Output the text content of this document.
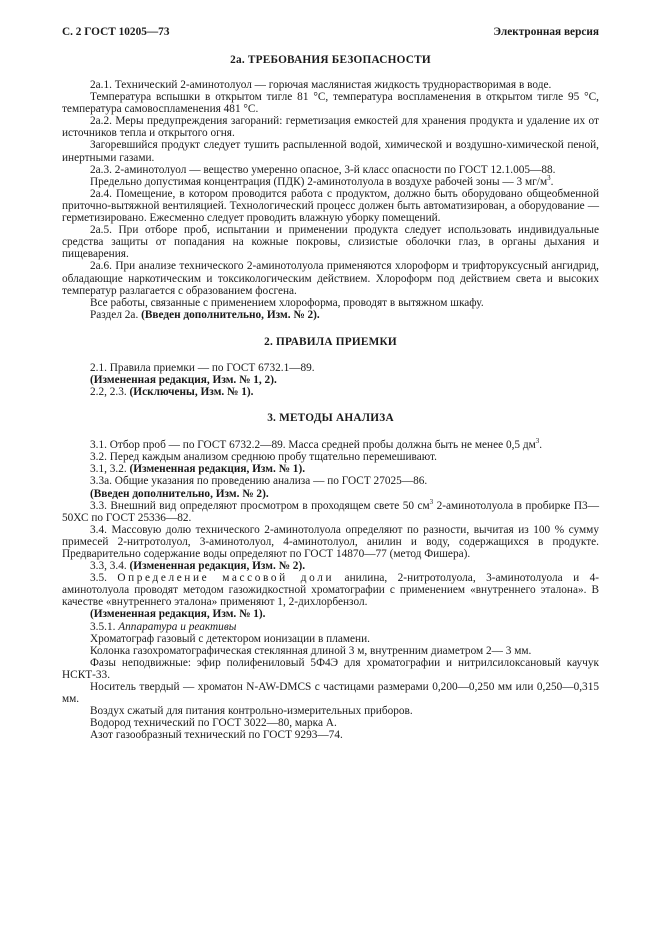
С. 2 ГОСТ 10205—73	Электронная версия
2а. ТРЕБОВАНИЯ БЕЗОПАСНОСТИ

2а.1. Технический 2-аминотолуол — горючая маслянистая жидкость труднорастворимая в воде.

Температура вспышки в открытом тигле 81 °С, температура воспламенения в открытом тигле 95 °С, температура самовоспламенения 481 °С.

2а.2. Меры предупреждения загораний: герметизация емкостей для хранения продукта и удаление их от источников тепла и открытого огня.

Загоревшийся продукт следует тушить распыленной водой, химической и воздушно-химической пеной, инертными газами.

2а.3. 2-аминотолуол — вещество умеренно опасное, 3-й класс опасности по ГОСТ 12.1.005—88.

Предельно допустимая концентрация (ПДК) 2-аминотолуола в воздухе рабочей зоны — 3 $мг/м^3$.

2а.4. Помещение, в котором проводится работа с продуктом, должно быть оборудовано общеобменной приточно-вытяжной вентиляцией. Технологический процесс должен быть автоматизирован, а оборудование — герметизировано. Ежесменно следует проводить влажную уборку помещений.

2а.5. При отборе проб, испытании и применении продукта следует использовать индивидуальные средства защиты от попадания на кожные покровы, слизистые оболочки глаз, в органы дыхания и пищеварения.

2а.6. При анализе технического 2-аминотолуола применяются хлороформ и трифторуксусный ангидрид, обладающие наркотическим и токсикологическим действием. Хлороформ под действием света и высоких температур разлагается с образованием фосгена.

Все работы, связанные с применением хлороформа, проводят в вытяжном шкафу.

Раздел 2а. (Введен дополнительно, Изм. № 2).

2. ПРАВИЛА ПРИЕМКИ

2.1. Правила приемки — по ГОСТ 6732.1—89.

(Измененная редакция, Изм. № 1, 2).

2.2, 2.3. (Исключены, Изм. № 1).

3. МЕТОДЫ АНАЛИЗА

3.1. Отбор проб — по ГОСТ 6732.2—89. Масса средней пробы должна быть не менее 0,5 $дм^3$.

3.2. Перед каждым анализом среднюю пробу тщательно перемешивают.

3.1, 3.2. (Измененная редакция, Изм. № 1).

3.3а. Общие указания по проведению анализа — по ГОСТ 27025—86.

(Введен дополнительно, Изм. № 2).

3.3. Внешний вид определяют просмотром в проходящем свете 50 $см^3$ 2-аминотолуола в пробирке П3—50ХС по ГОСТ 25336—82.

3.4. Массовую долю технического 2-аминотолуола определяют по разности, вычитая из 100 % сумму примесей 2-нитротолуол, 3-аминотолуол, 4-аминотолуол, анилин и воду, содержащихся в продукте. Предварительно содержание воды определяют по ГОСТ 14870—77 (метод Фишера).

3.3, 3.4. (Измененная редакция, Изм. № 2).

3.5. Определение массовой доли анилина, 2-нитротолуола, 3-аминотолуола и 4-аминотолуола проводят методом газожидкостной хроматографии с применением «внутреннего эталона». В качестве «внутреннего эталона» применяют 1, 2-дихлорбензол.

(Измененная редакция, Изм. № 1).

3.5.1. Аппаратура и реактивы

Хроматограф газовый с детектором ионизации в пламени.

Колонка газохроматографическая стеклянная длиной 3 м, внутренним диаметром 2— 3 мм.

Фазы неподвижные: эфир полифениловый 5Ф4Э для хроматографии и нитрилсилоксановый каучук НСКТ-33.

Носитель твердый — хроматон N-AW-DMCS с частицами размерами 0,200—0,250 мм или 0,250—0,315 мм.

Воздух сжатый для питания контрольно-измерительных приборов.

Водород технический по ГОСТ 3022—80, марка А.

Азот газообразный технический по ГОСТ 9293—74.
